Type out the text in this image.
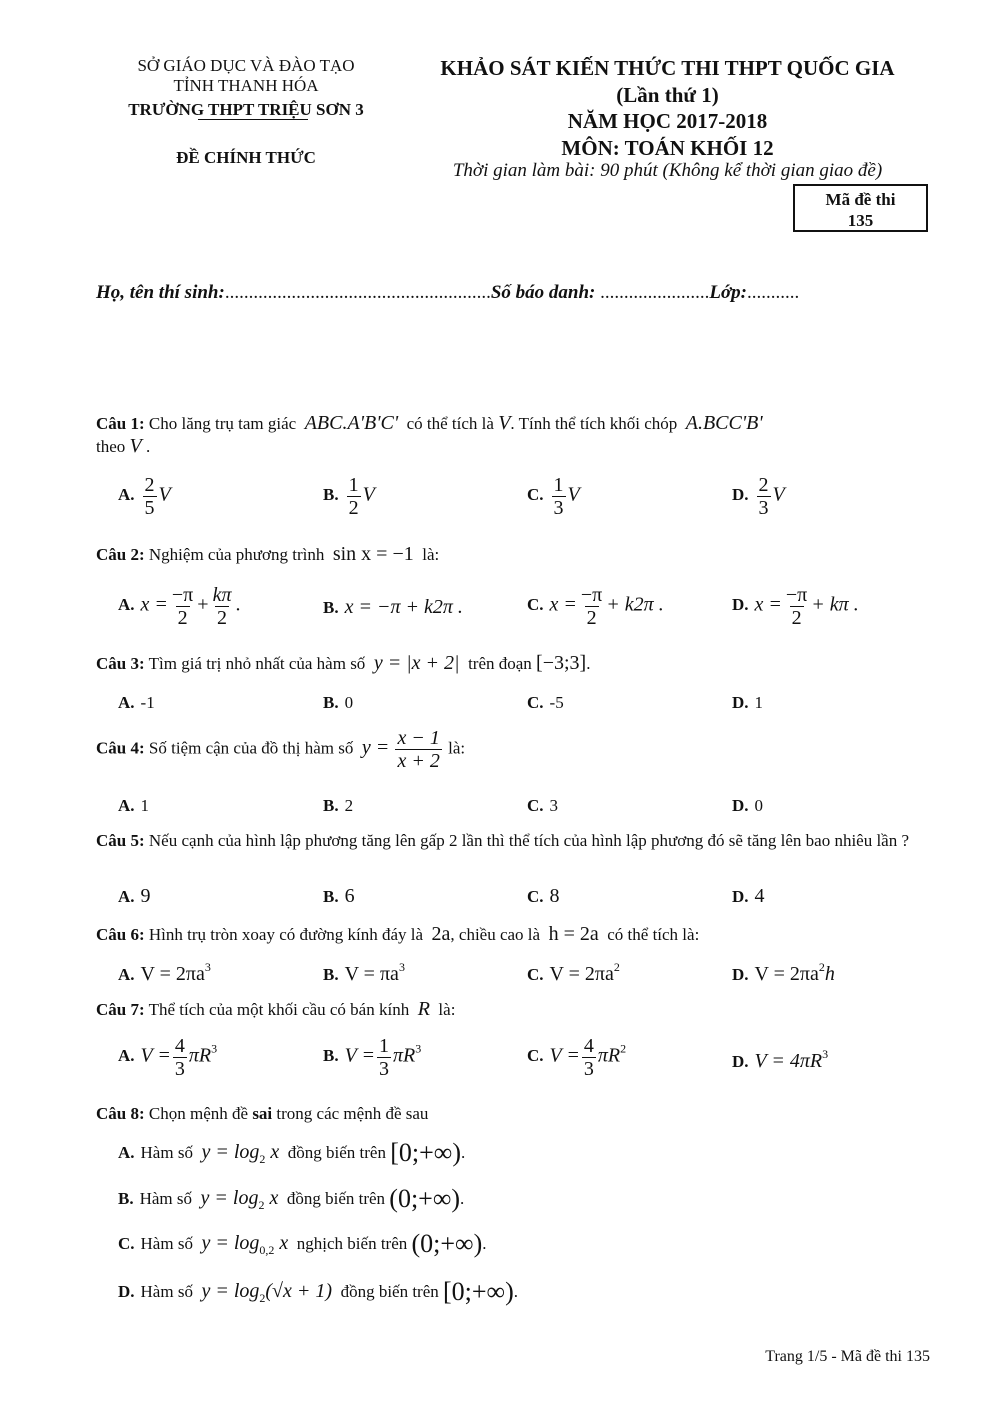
SỞ GIÁO DỤC VÀ ĐÀO TẠO
TỈNH THANH HÓA
TRƯỜNG THPT TRIỆU SƠN 3
ĐỀ CHÍNH THỨC
KHẢO SÁT KIẾN THỨC THI THPT QUỐC GIA
(Lần thứ 1)
NĂM HỌC 2017-2018
MÔN: TOÁN KHỐI 12
Thời gian làm bài: 90 phút (Không kể thời gian giao đề)
Mã đề thi
135
Họ, tên thí sinh:........................................................Số báo danh: .......................Lớp:...........
Câu 1: Cho lăng trụ tam giác ABC.A'B'C' có thể tích là V. Tính thể tích khối chóp A.BCC'B'
theo V .
A. $\frac{2}{5}$ V	B. $\frac{1}{2}$ V	C. $\frac{1}{3}$ V	D. $\frac{2}{3}$ V
Câu 2: Nghiệm của phương trình sin x = −1 là:
A. $x = \frac{-\pi}{2} + \frac{k\pi}{2}$ .	B. x = −π + k2π .	C. $x = \frac{-\pi}{2} + k2\pi$ .	D. $x = \frac{-\pi}{2} + k\pi$ .
Câu 3: Tìm giá trị nhỏ nhất của hàm số y = |x + 2| trên đoạn [−3;3].
A. -1	B. 0	C. -5	D. 1
Câu 4: Số tiệm cận của đồ thị hàm số $y = \frac{x - 1}{x + 2}$ là:
A. 1	B. 2	C. 3	D. 0
Câu 5: Nếu cạnh của hình lập phương tăng lên gấp 2 lần thì thể tích của hình lập phương đó sẽ tăng lên bao nhiêu lần ?
A. 9	B. 6	C. 8	D. 4
Câu 6: Hình trụ tròn xoay có đường kính đáy là 2a, chiều cao là h = 2a có thể tích là:
A. $V = 2\pi a^3$	B. $V = \pi a^3$	C. $V = 2\pi a^2$	D. $V = 2\pi a^2h$
Câu 7: Thể tích của một khối cầu có bán kính R là:
A. $V = \frac{4}{3} \pi R^3$	B. $V = \frac{1}{3} \pi R^3$	C. $V = \frac{4}{3} \pi R^2$
D. $V = 4\pi R^3$
Câu 8: Chọn mệnh đề sai trong các mệnh đề sau
A. Hàm số $y = \log_2 x$ đồng biến trên [0;+∞).
B. Hàm số $y = \log_2 x$ đồng biến trên (0;+∞).
C. Hàm số $y = \log_{0,2} x$ nghịch biến trên (0;+∞).
D. Hàm số $y = \log_2(√x + 1)$ đồng biến trên [0;+∞).
Trang 1/5 - Mã đề thi 135
